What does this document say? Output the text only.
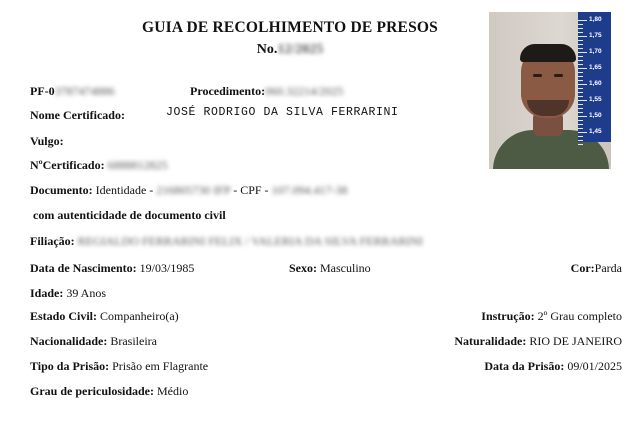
GUIA DE RECOLHIMENTO DE PRESOS
No.12/2025
1,80
1,75
1,70
1,65
1,60
1,55
1,50
1,45
PF-03787474886	Procedimento:060.32214/2025
Nome Certificado:	JOSÉ RODRIGO DA SILVA FERRARINI
Vulgo:
NºCertificado: 6888812825
Documento: Identidade - 216805730 IFP - CPF - 107.094.417-38
com autenticidade de documento civil
Filiação: REGIALDO FERRARINI FELIX / VALERIA DA SILVA FERRARINI
Data de Nascimento: 19/03/1985	Sexo: Masculino	Cor:Parda
Idade: 39 Anos
Estado Civil: Companheiro(a)	Instrução: 2º Grau completo
Nacionalidade: Brasileira	Naturalidade: RIO DE JANEIRO
Tipo da Prisão: Prisão em Flagrante	Data da Prisão: 09/01/2025
Grau de periculosidade: Médio
